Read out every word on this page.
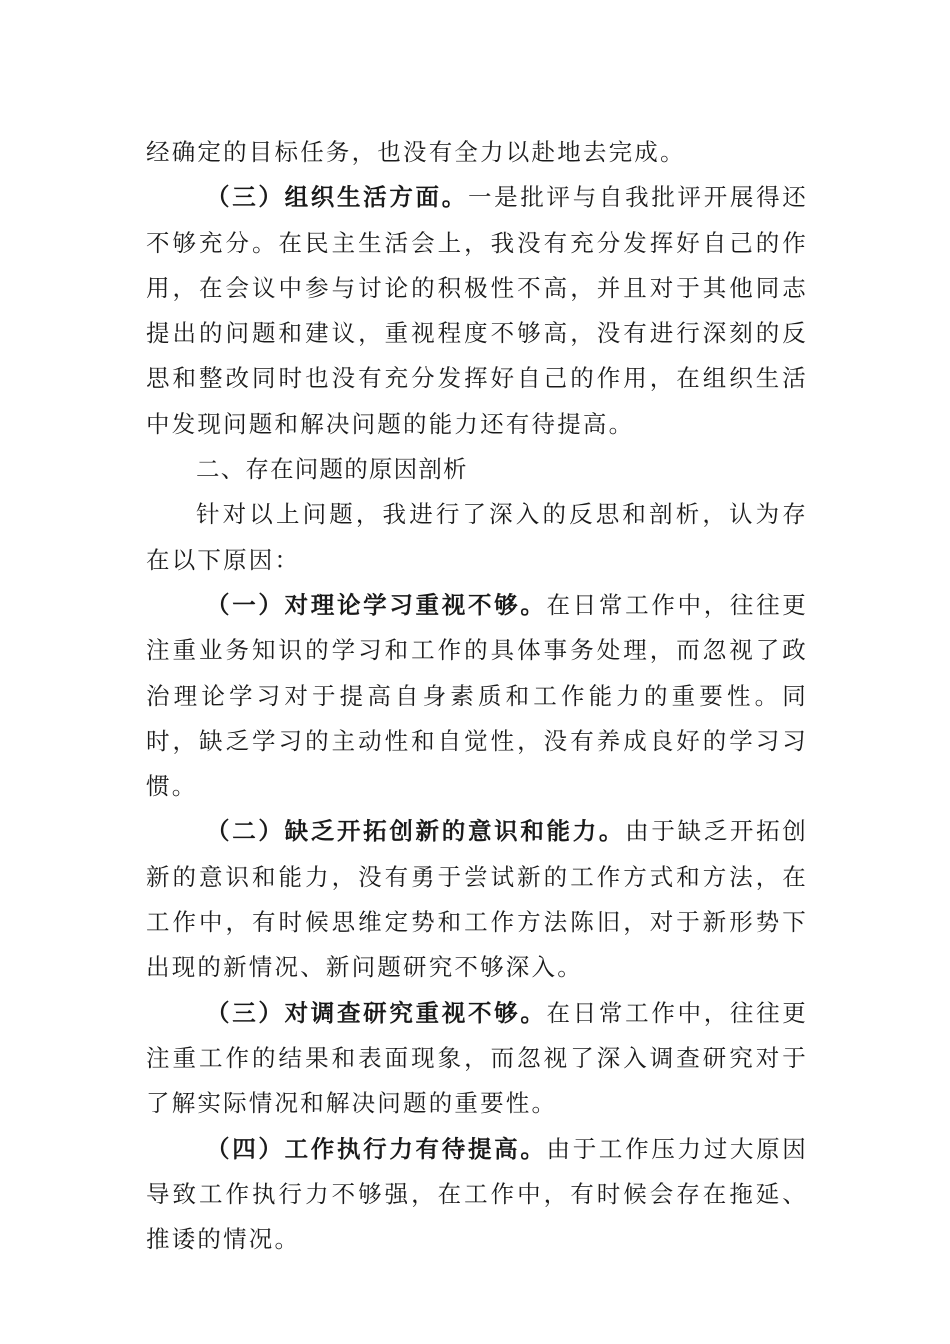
经确定的目标任务，也没有全力以赴地去完成。

（三）组织生活方面。一是批评与自我批评开展得还不够充分。在民主生活会上，我没有充分发挥好自己的作用，在会议中参与讨论的积极性不高，并且对于其他同志提出的问题和建议，重视程度不够高，没有进行深刻的反思和整改同时也没有充分发挥好自己的作用，在组织生活中发现问题和解决问题的能力还有待提高。

二、存在问题的原因剖析

针对以上问题，我进行了深入的反思和剖析，认为存在以下原因：

（一）对理论学习重视不够。在日常工作中，往往更注重业务知识的学习和工作的具体事务处理，而忽视了政治理论学习对于提高自身素质和工作能力的重要性。同时，缺乏学习的主动性和自觉性，没有养成良好的学习习惯。

（二）缺乏开拓创新的意识和能力。由于缺乏开拓创新的意识和能力，没有勇于尝试新的工作方式和方法，在工作中，有时候思维定势和工作方法陈旧，对于新形势下出现的新情况、新问题研究不够深入。

（三）对调查研究重视不够。在日常工作中，往往更注重工作的结果和表面现象，而忽视了深入调查研究对于了解实际情况和解决问题的重要性。

（四）工作执行力有待提高。由于工作压力过大原因导致工作执行力不够强，在工作中，有时候会存在拖延、推诿的情况。
